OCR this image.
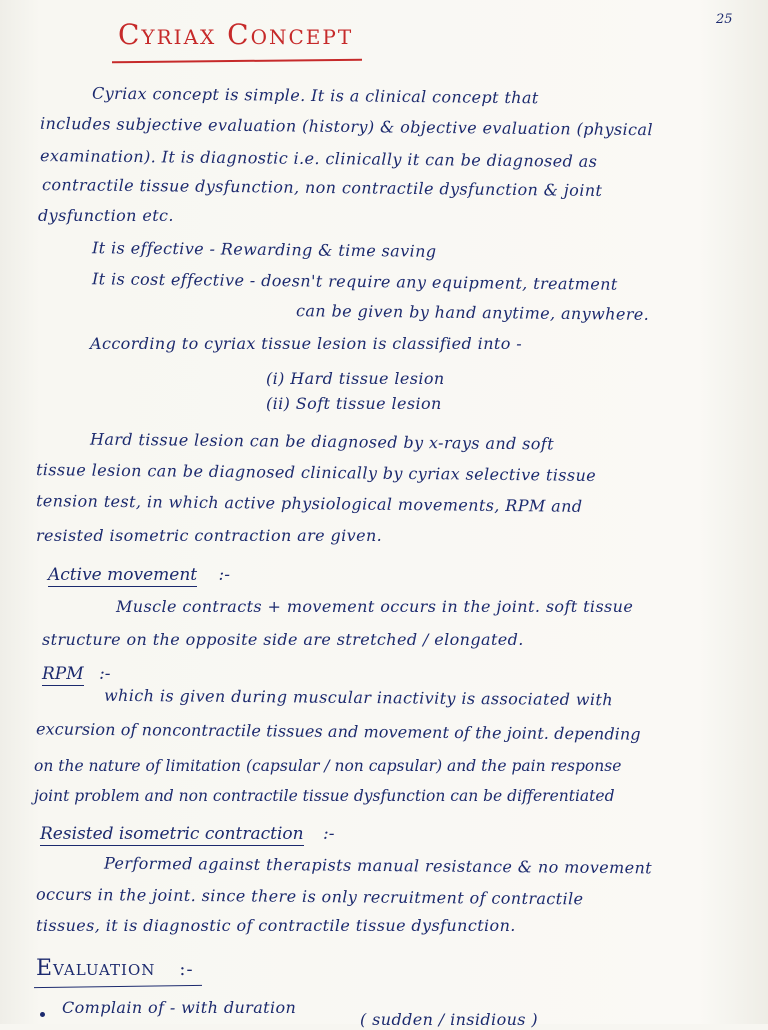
25
Cyriax Concept
Cyriax concept is simple. It is a clinical concept that
includes subjective evaluation (history) & objective evaluation (physical
examination). It is diagnostic i.e. clinically it can be diagnosed as
contractile tissue dysfunction, non contractile dysfunction & joint
dysfunction etc.
It is effective - Rewarding & time saving
It is cost effective - doesn't require any equipment, treatment
can be given by hand anytime, anywhere.
According to cyriax tissue lesion is classified into -
(i) Hard tissue lesion
(ii) Soft tissue lesion
Hard tissue lesion can be diagnosed by x-rays and soft
tissue lesion can be diagnosed clinically by cyriax selective tissue
tension test, in which active physiological movements, RPM and
resisted isometric contraction are given.
Active movement :-
Muscle contracts + movement occurs in the joint. soft tissue
structure on the opposite side are stretched / elongated.
RPM :-
which is given during muscular inactivity is associated with
excursion of noncontractile tissues and movement of the joint. depending
on the nature of limitation (capsular / non capsular) and the pain response
joint problem and non contractile tissue dysfunction can be differentiated
Resisted isometric contraction :-
Performed against therapists manual resistance & no movement
occurs in the joint. since there is only recruitment of contractile
tissues, it is diagnostic of contractile tissue dysfunction.
Evaluation :-
Complain of - with duration
( sudden / insidious )
